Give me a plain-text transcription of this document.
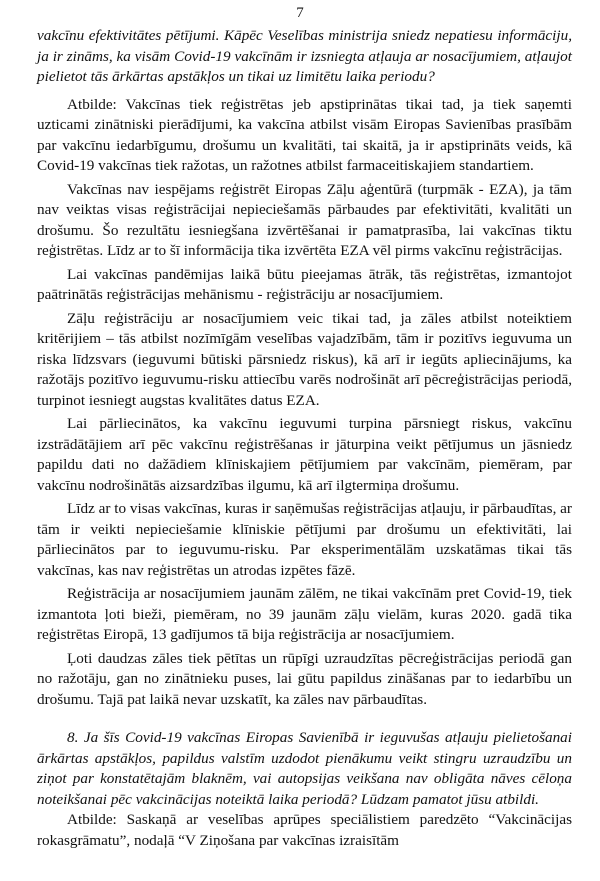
7

vakcīnu efektivitātes pētījumi. Kāpēc Veselības ministrija sniedz nepatiesu informāciju, ja ir zināms, ka visām Covid-19 vakcīnām ir izsniegta atļauja ar nosacījumiem, atļaujot pielietot tās ārkārtas apstākļos un tikai uz limitētu laika periodu?

Atbilde: Vakcīnas tiek reģistrētas jeb apstiprinātas tikai tad, ja tiek saņemti uzticami zinātniski pierādījumi, ka vakcīna atbilst visām Eiropas Savienības prasībām par vakcīnu iedarbīgumu, drošumu un kvalitāti, tai skaitā, ja ir apstiprināts veids, kā Covid-19 vakcīnas tiek ražotas, un ražotnes atbilst farmaceitiskajiem standartiem.

Vakcīnas nav iespējams reģistrēt Eiropas Zāļu aģentūrā (turpmāk - EZA), ja tām nav veiktas visas reģistrācijai nepieciešamās pārbaudes par efektivitāti, kvalitāti un drošumu. Šo rezultātu iesniegšana izvērtēšanai ir pamatprasība, lai vakcīnas tiktu reģistrētas. Līdz ar to šī informācija tika izvērtēta EZA vēl pirms vakcīnu reģistrācijas.

Lai vakcīnas pandēmijas laikā būtu pieejamas ātrāk, tās reģistrētas, izmantojot paātrinātās reģistrācijas mehānismu - reģistrāciju ar nosacījumiem.

Zāļu reģistrāciju ar nosacījumiem veic tikai tad, ja zāles atbilst noteiktiem kritērijiem – tās atbilst nozīmīgām veselības vajadzībām, tām ir pozitīvs ieguvuma un riska līdzsvars (ieguvumi būtiski pārsniedz riskus), kā arī ir iegūts apliecinājums, ka ražotājs pozitīvo ieguvumu-risku attiecību varēs nodrošināt arī pēcreģistrācijas periodā, turpinot iesniegt augstas kvalitātes datus EZA.

Lai pārliecinātos, ka vakcīnu ieguvumi turpina pārsniegt riskus, vakcīnu izstrādātājiem arī pēc vakcīnu reģistrēšanas ir jāturpina veikt pētījumus un jāsniedz papildu dati no dažādiem klīniskajiem pētījumiem par vakcīnām, piemēram, par vakcīnu nodrošinātās aizsardzības ilgumu, kā arī ilgtermiņa drošumu.

Līdz ar to visas vakcīnas, kuras ir saņēmušas reģistrācijas atļauju, ir pārbaudītas, ar tām ir veikti nepieciešamie klīniskie pētījumi par drošumu un efektivitāti, lai pārliecinātos par to ieguvumu-risku. Par eksperimentālām uzskatāmas tikai tās vakcīnas, kas nav reģistrētas un atrodas izpētes fāzē.

Reģistrācija ar nosacījumiem jaunām zālēm, ne tikai vakcīnām pret Covid-19, tiek izmantota ļoti bieži, piemēram, no 39 jaunām zāļu vielām, kuras 2020. gadā tika reģistrētas Eiropā, 13 gadījumos tā bija reģistrācija ar nosacījumiem.

Ļoti daudzas zāles tiek pētītas un rūpīgi uzraudzītas pēcreģistrācijas periodā gan no ražotāju, gan no zinātnieku puses, lai gūtu papildus zināšanas par to iedarbību un drošumu. Tajā pat laikā nevar uzskatīt, ka zāles nav pārbaudītas.

8. Ja šīs Covid-19 vakcīnas Eiropas Savienībā ir ieguvušas atļauju pielietošanai ārkārtas apstākļos, papildus valstīm uzdodot pienākumu veikt stingru uzraudzību un ziņot par konstatētajām blaknēm, vai autopsijas veikšana nav obligāta nāves cēloņa noteikšanai pēc vakcinācijas noteiktā laika periodā? Lūdzam pamatot jūsu atbildi.

Atbilde: Saskaņā ar veselības aprūpes speciālistiem paredzēto “Vakcinācijas rokasgrāmatu”, nodaļā “V Ziņošana par vakcīnas izraisītām
